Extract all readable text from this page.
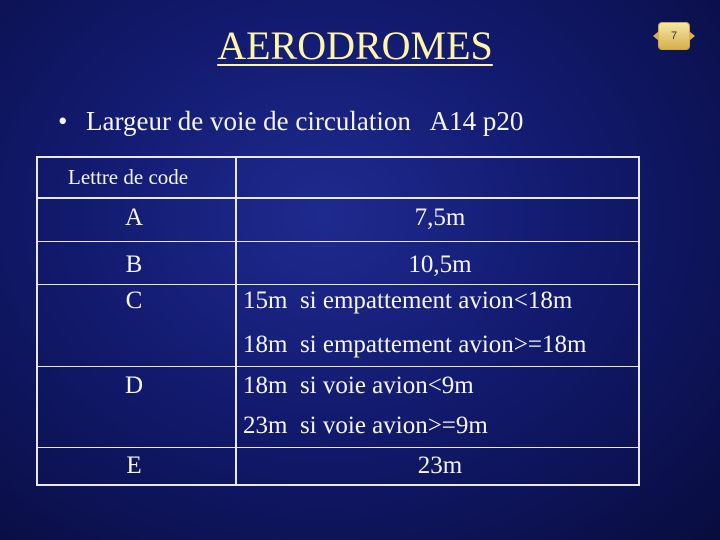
AERODROMES	7
• Largeur de voie de circulation   A14 p20
Lettre de code
A	7,5m
B	10,5m
C	15m  si empattement avion<18m
18m  si empattement avion>=18m
D	18m  si voie avion<9m
23m  si voie avion>=9m
E	23m
